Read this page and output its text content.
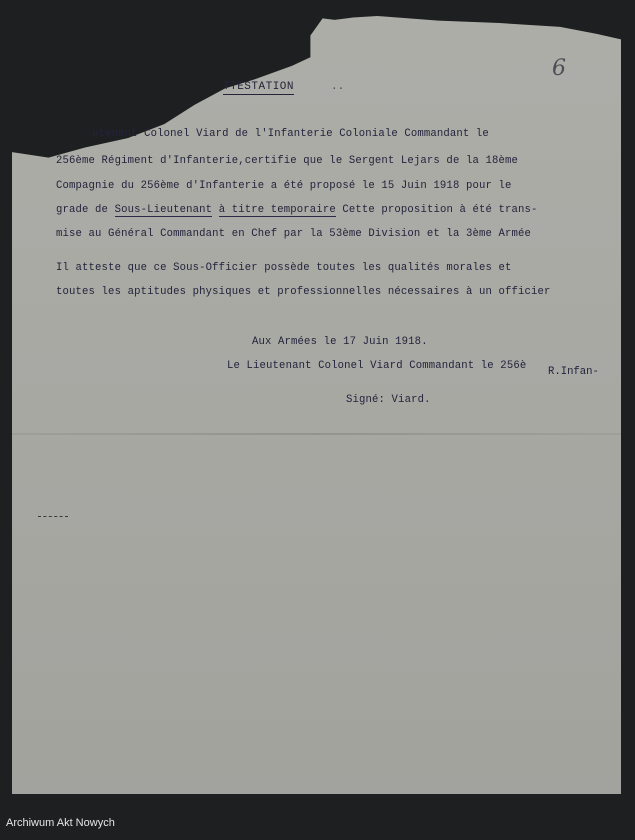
6
TTESTATION	..
utenant Colonel Viard de l'Infanterie Coloniale Commandant le
256ème Régiment d'Infanterie,certifie que le Sergent Lejars de la 18ème
Compagnie du 256ème d'Infanterie a été proposé le 15 Juin 1918 pour le
grade de Sous-Lieutenant à titre temporaire Cette proposition à été trans-
mise au Général Commandant en Chef par la 53ème Division et la 3ème Armée
Il atteste que ce Sous-Officier possède toutes les qualités morales et
toutes les aptitudes physiques et professionnelles nécessaires à un officier
Aux Armées le 17 Juin 1918.
Le Lieutenant Colonel Viard Commandant le 256è R.Infan-
Signé: Viard.
Archiwum Akt Nowych
